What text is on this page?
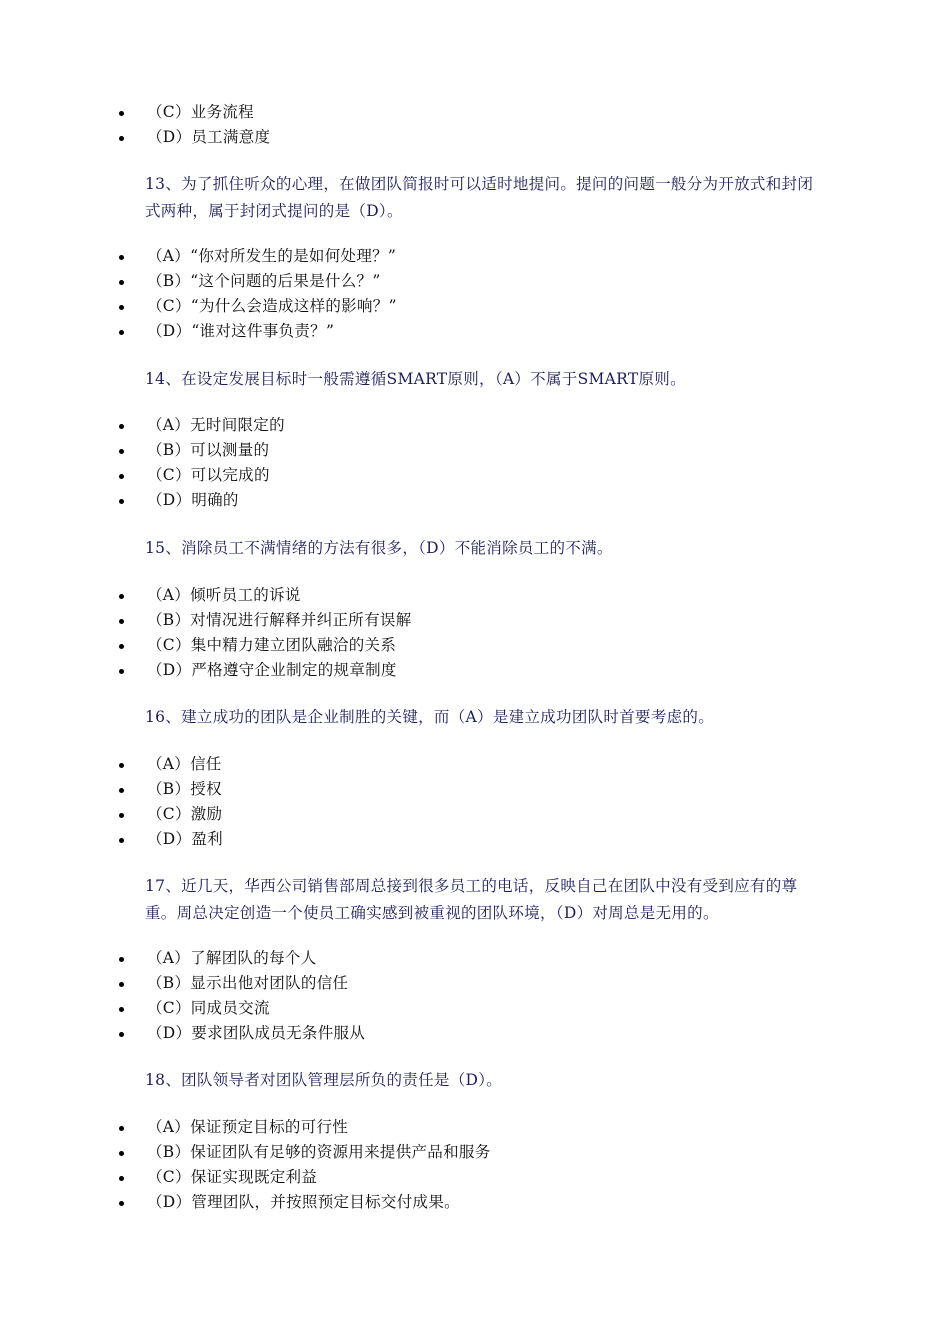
（C）业务流程
（D）员工满意度

13、为了抓住听众的心理，在做团队简报时可以适时地提问。提问的问题一般分为开放式和封闭式两种，属于封闭式提问的是（D）。

（A）“你对所发生的是如何处理？”
（B）“这个问题的后果是什么？”
（C）“为什么会造成这样的影响？”
（D）“谁对这件事负责？”

14、在设定发展目标时一般需遵循SMART原则，（A）不属于SMART原则。

（A）无时间限定的
（B）可以测量的
（C）可以完成的
（D）明确的

15、消除员工不满情绪的方法有很多，（D）不能消除员工的不满。

（A）倾听员工的诉说
（B）对情况进行解释并纠正所有误解
（C）集中精力建立团队融洽的关系
（D）严格遵守企业制定的规章制度

16、建立成功的团队是企业制胜的关键，而（A）是建立成功团队时首要考虑的。

（A）信任
（B）授权
（C）激励
（D）盈利

17、近几天，华西公司销售部周总接到很多员工的电话，反映自己在团队中没有受到应有的尊重。周总决定创造一个使员工确实感到被重视的团队环境，（D）对周总是无用的。

（A）了解团队的每个人
（B）显示出他对团队的信任
（C）同成员交流
（D）要求团队成员无条件服从

18、团队领导者对团队管理层所负的责任是（D）。

（A）保证预定目标的可行性
（B）保证团队有足够的资源用来提供产品和服务
（C）保证实现既定利益
（D）管理团队，并按照预定目标交付成果。
